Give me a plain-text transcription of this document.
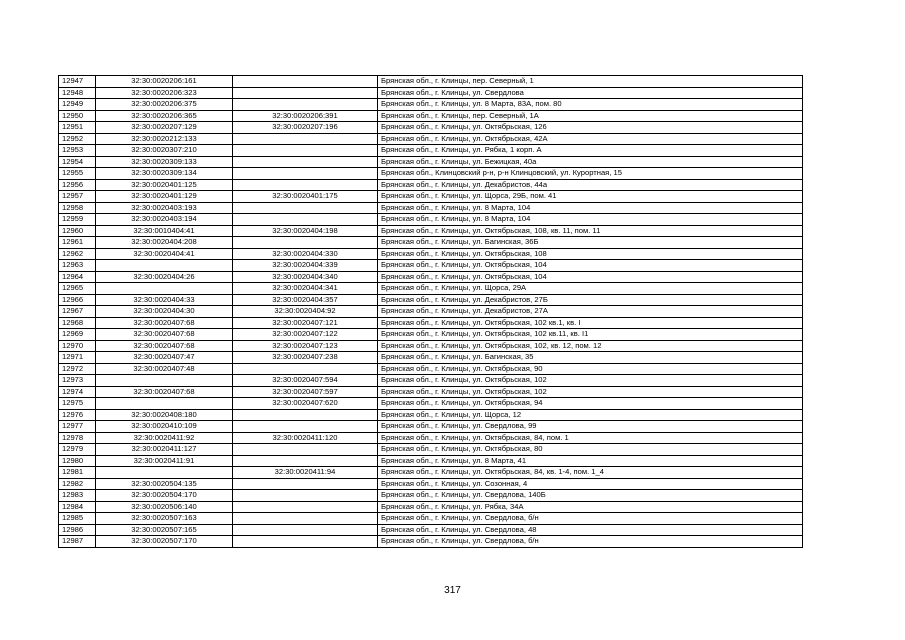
12947	32:30:0020206:161		Брянская обл., г. Клинцы, пер. Северный, 1
12948	32:30:0020206:323		Брянская обл., г. Клинцы, ул. Свердлова
12949	32:30:0020206:375		Брянская обл., г. Клинцы, ул. 8 Марта, 83А, пом. 80
12950	32:30:0020206:365	32:30:0020206:391	Брянская обл., г. Клинцы, пер. Северный, 1А
12951	32:30:0020207:129	32:30:0020207:196	Брянская обл., г. Клинцы, ул. Октябрьская, 126
12952	32:30:0020212:133		Брянская обл., г. Клинцы, ул. Октябрьская, 42А
12953	32:30:0020307:210		Брянская обл., г. Клинцы, ул. Рябка, 1 корп. А
12954	32:30:0020309:133		Брянская обл., г. Клинцы, ул. Бежицкая, 40а
12955	32:30:0020309:134		Брянская обл., Клинцовский р-н, р-н Клинцовский, ул. Курортная, 15
12956	32:30:0020401:125		Брянская обл., г. Клинцы, ул. Декабристов, 44а
12957	32:30:0020401:129	32:30:0020401:175	Брянская обл., г. Клинцы, ул. Щорса, 29Б, пом. 41
12958	32:30:0020403:193		Брянская обл., г. Клинцы, ул. 8 Марта, 104
12959	32:30:0020403:194		Брянская обл., г. Клинцы, ул. 8 Марта, 104
12960	32:30:0010404:41	32:30:0020404:198	Брянская обл., г. Клинцы, ул. Октябрьская, 108, кв. 11, пом. 11
12961	32:30:0020404:208		Брянская обл., г. Клинцы, ул. Багинская, 36Б
12962	32:30:0020404:41	32:30:0020404:330	Брянская обл., г. Клинцы, ул. Октябрьская, 108
12963		32:30:0020404:339	Брянская обл., г. Клинцы, ул. Октябрьская, 104
12964	32:30:0020404:26	32:30:0020404:340	Брянская обл., г. Клинцы, ул. Октябрьская, 104
12965		32:30:0020404:341	Брянская обл., г. Клинцы, ул. Щорса, 29А
12966	32:30:0020404:33	32:30:0020404:357	Брянская обл., г. Клинцы, ул. Декабристов, 27Б
12967	32:30:0020404:30	32:30:0020404:92	Брянская обл., г. Клинцы, ул. Декабристов, 27А
12968	32:30:0020407:68	32:30:0020407:121	Брянская обл., г. Клинцы, ул. Октябрьская, 102 кв.1, кв. I
12969	32:30:0020407:68	32:30:0020407:122	Брянская обл., г. Клинцы, ул. Октябрьская, 102 кв.11, кв. I1
12970	32:30:0020407:68	32:30:0020407:123	Брянская обл., г. Клинцы, ул. Октябрьская, 102, кв. 12, пом. 12
12971	32:30:0020407:47	32:30:0020407:238	Брянская обл., г. Клинцы, ул. Багинская, 35
12972	32:30:0020407:48		Брянская обл., г. Клинцы, ул. Октябрьская, 90
12973		32:30:0020407:594	Брянская обл., г. Клинцы, ул. Октябрьская, 102
12974	32:30:0020407:68	32:30:0020407:597	Брянская обл., г. Клинцы, ул. Октябрьская, 102
12975		32:30:0020407:620	Брянская обл., г. Клинцы, ул. Октябрьская, 94
12976	32:30:0020408:180		Брянская обл., г. Клинцы, ул. Щорса, 12
12977	32:30:0020410:109		Брянская обл., г. Клинцы, ул. Свердлова, 99
12978	32:30:0020411:92	32:30:0020411:120	Брянская обл., г. Клинцы, ул. Октябрьская, 84, пом. 1
12979	32:30:0020411:127		Брянская обл., г. Клинцы, ул. Октябрьская, 80
12980	32:30:0020411:91		Брянская обл., г. Клинцы, ул. 8 Марта, 41
12981		32:30:0020411:94	Брянская обл., г. Клинцы, ул. Октябрьская, 84, кв. 1-4, пом. 1_4
12982	32:30:0020504:135		Брянская обл., г. Клинцы, ул. Созонная, 4
12983	32:30:0020504:170		Брянская обл., г. Клинцы, ул. Свердлова, 140Б
12984	32:30:0020506:140		Брянская обл., г. Клинцы, ул. Рябка, 34А
12985	32:30:0020507:163		Брянская обл., г. Клинцы, ул. Свердлова, б/н
12986	32:30:0020507:165		Брянская обл., г. Клинцы, ул. Свердлова, 48
12987	32:30:0020507:170		Брянская обл., г. Клинцы, ул. Свердлова, б/н
317
